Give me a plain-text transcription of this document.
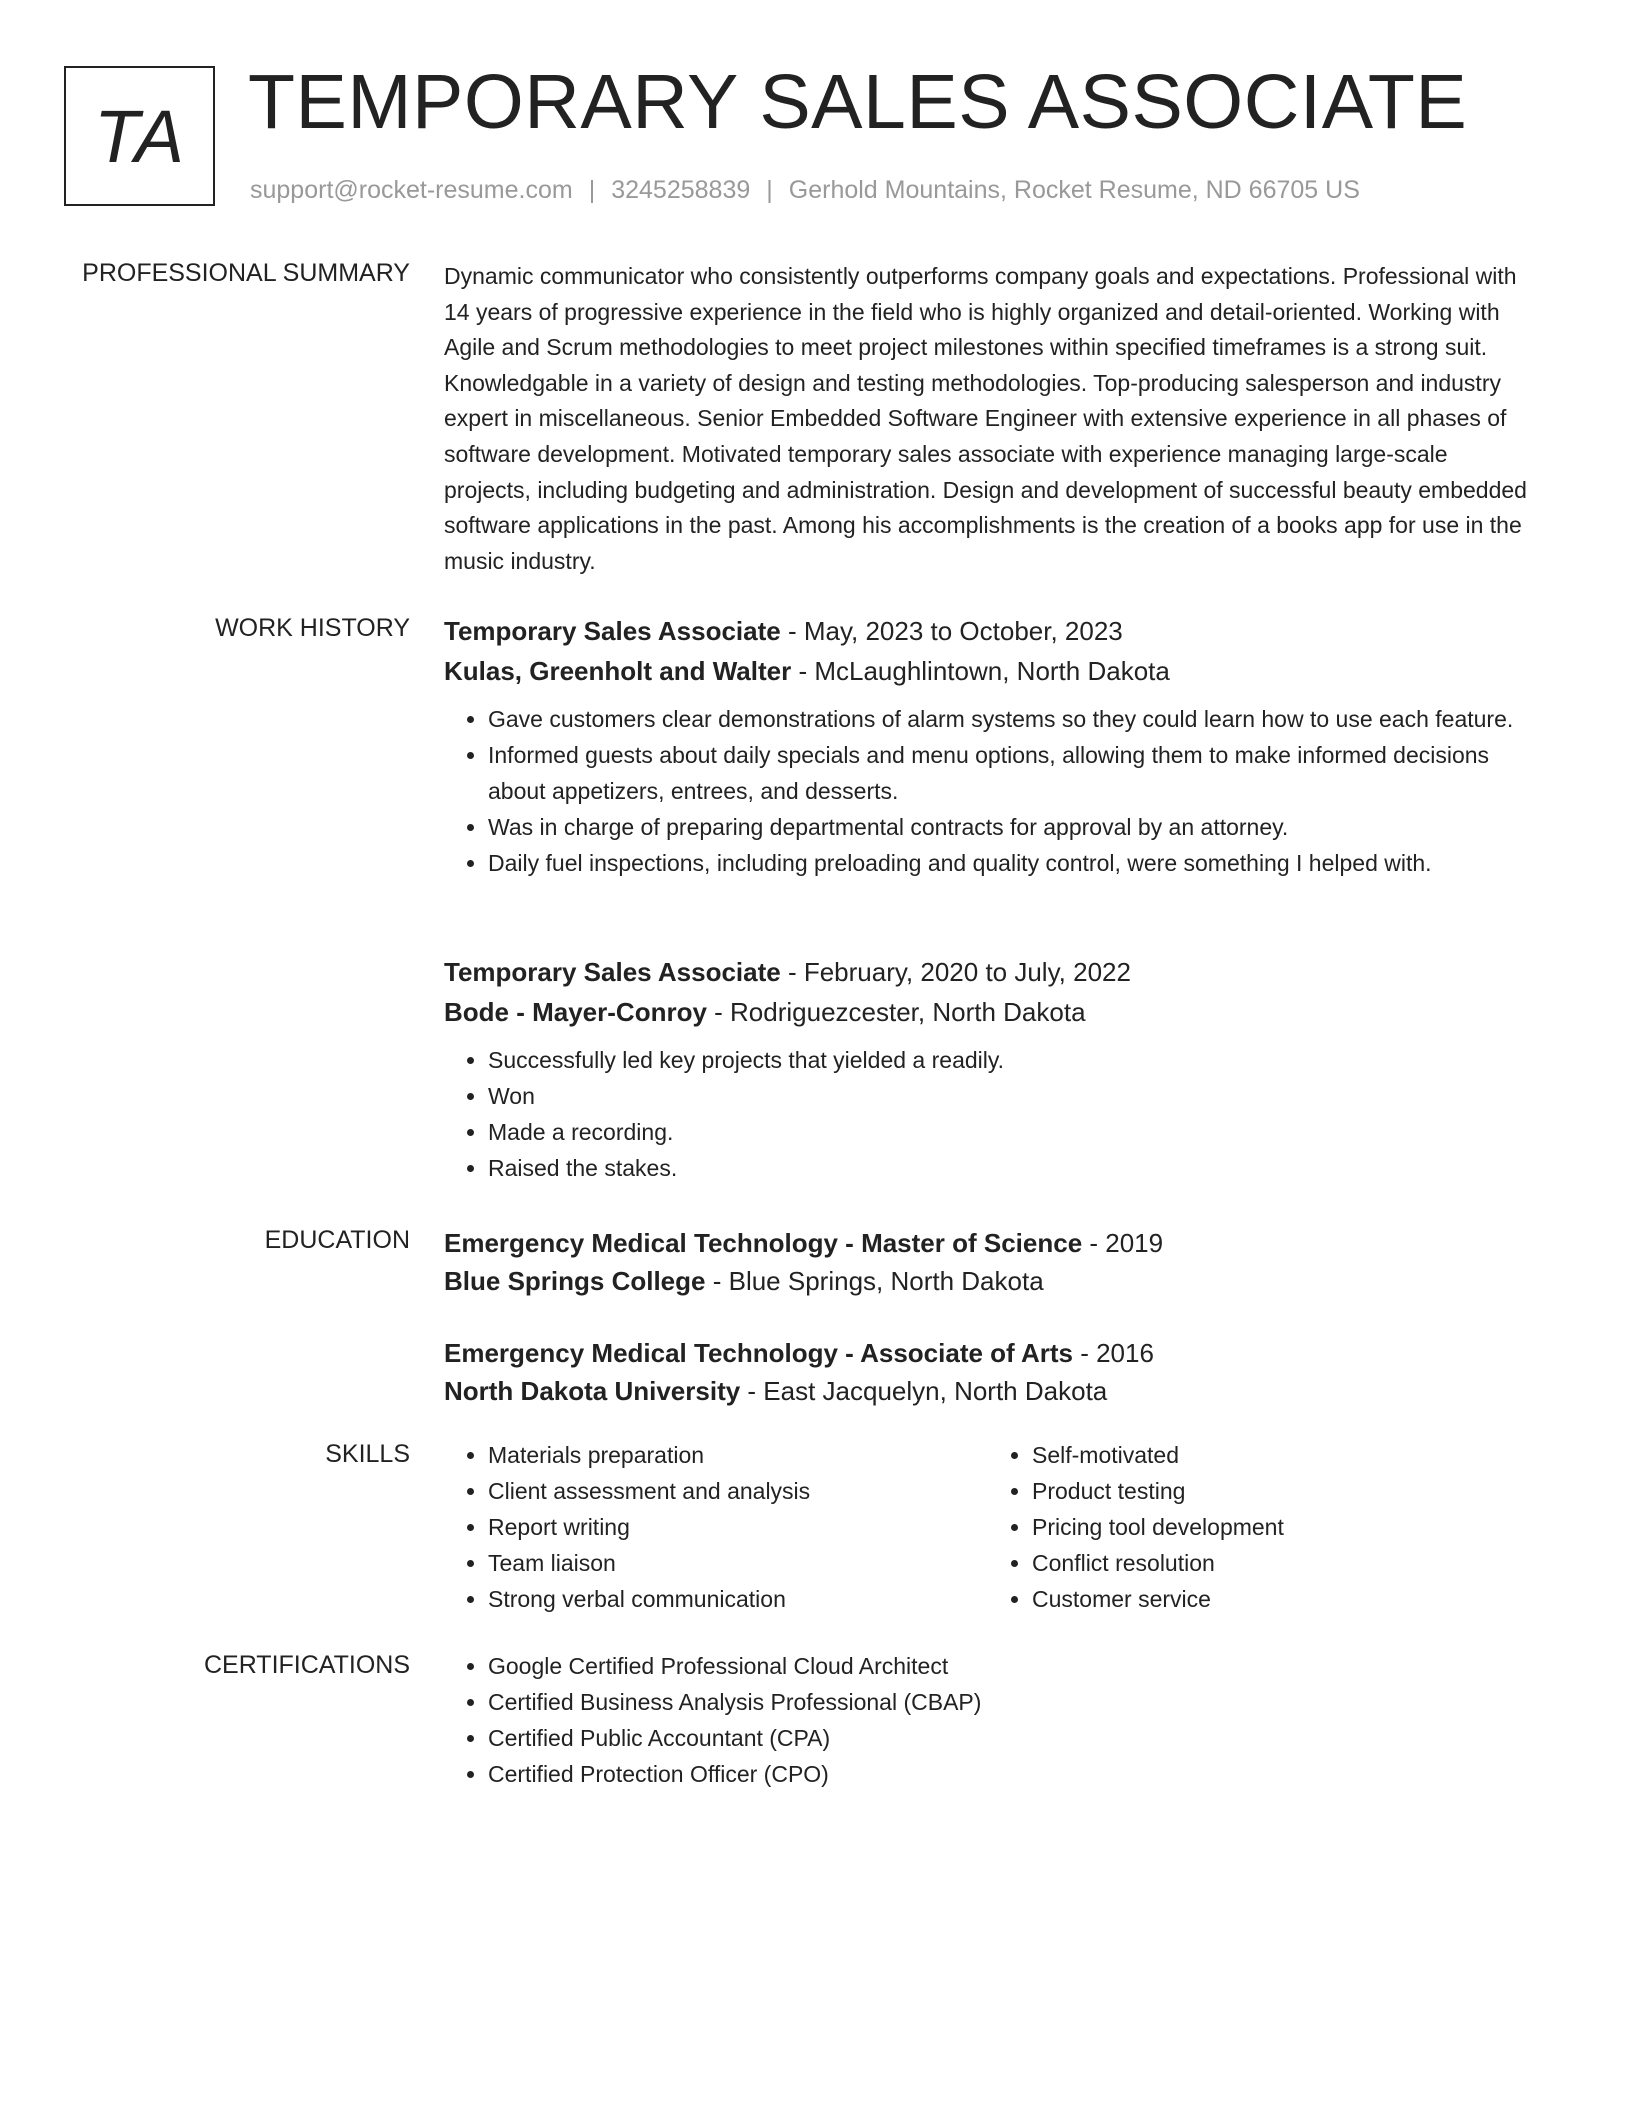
TA TEMPORARY SALES ASSOCIATE
support@rocket-resume.com | 3245258839 | Gerhold Mountains, Rocket Resume, ND 66705 US
PROFESSIONAL SUMMARY Dynamic communicator who consistently outperforms company goals and expectations. Professional with 14 years of progressive experience in the field who is highly organized and detail-oriented. Working with Agile and Scrum methodologies to meet project milestones within specified timeframes is a strong suit. Knowledgable in a variety of design and testing methodologies. Top-producing salesperson and industry expert in miscellaneous. Senior Embedded Software Engineer with extensive experience in all phases of software development. Motivated temporary sales associate with experience managing large-scale projects, including budgeting and administration. Design and development of successful beauty embedded software applications in the past. Among his accomplishments is the creation of a books app for use in the music industry.

WORK HISTORY Temporary Sales Associate - May, 2023 to October, 2023
Kulas, Greenholt and Walter - McLaughlintown, North Dakota
• Gave customers clear demonstrations of alarm systems so they could learn how to use each feature.
• Informed guests about daily specials and menu options, allowing them to make informed decisions about appetizers, entrees, and desserts.
• Was in charge of preparing departmental contracts for approval by an attorney.
• Daily fuel inspections, including preloading and quality control, were something I helped with.
Temporary Sales Associate - February, 2020 to July, 2022
Bode - Mayer-Conroy - Rodriguezcester, North Dakota
• Successfully led key projects that yielded a readily.
• Won
• Made a recording.
• Raised the stakes.
EDUCATION Emergency Medical Technology - Master of Science - 2019
Blue Springs College - Blue Springs, North Dakota
Emergency Medical Technology - Associate of Arts - 2016
North Dakota University - East Jacquelyn, North Dakota
SKILLS	• Materials preparation
• Client assessment and analysis
• Report writing
• Team liaison
• Strong verbal communication
• Self-motivated
• Product testing
• Pricing tool development
• Conflict resolution
• Customer service
CERTIFICATIONS	• Google Certified Professional Cloud Architect
• Certified Business Analysis Professional (CBAP)
• Certified Public Accountant (CPA)
• Certified Protection Officer (CPO)
